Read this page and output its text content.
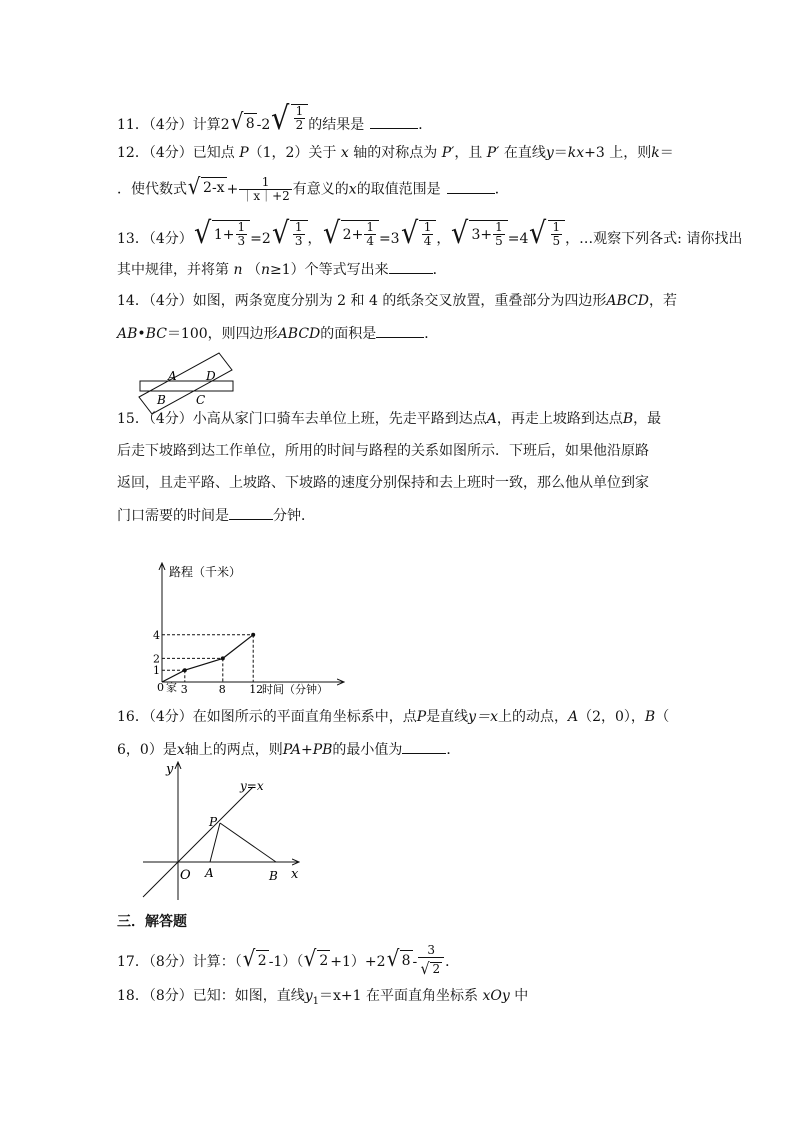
11．（4分）计算2 √ 8 -2 √ $\frac{1}{2}$ 的结果是	．
12．（4分）已知点 P（1，2）关于 x 轴的对称点为 P′，且 P′ 在直线y＝kx+3 上，则k＝
．使代数式 √ $2-x + \frac{1}{|x|+2}$ 有意义的x的取值范围是	．
13．（4分） √ $1+ \frac{1}{3} =2$ √ $\frac{1}{3}$ ， √ $2+ \frac{1}{4} =3$ √ $\frac{1}{4}$ ， √ $3+ \frac{1}{5} =4$ √ $\frac{1}{5}$ ，…观察下列各式: 请你找出
其中规律，并将第 n （n≥1）个等式写出来	．
14．（4分）如图，两条宽度分别为 2 和 4 的纸条交叉放置，重叠部分为四边形ABCD，若
AB•BC＝100，则四边形ABCD的面积是	．
A D
B	C
15．（4分）小高从家门口骑车去单位上班，先走平路到达点A，再走上坡路到达点B，最
后走下坡路到达工作单位，所用的时间与路程的关系如图所示．下班后，如果他沿原路
返回，且走平路、上坡路、下坡路的速度分别保持和去上班时一致，那么他从单位到家
门口需要的时间是	分钟．
路程（千米）
时间（分钟）
0 家
1
2
4
3	8 12
16．（4分）在如图所示的平面直角坐标系中，点P是直线y＝x上的动点，A（2，0），B（
6，0）是x轴上的两点，则PA+PB的最小值为	．
y
x
O A	B
P
y=x
三．解答题
17．（8分）计算：（ √ 2 -1）（ √ 2 +1）+2 √ $8 - \frac{3}{√ 2}$ ．
18．（8分）已知：如图，直线$y_1=x+1$ 在平面直角坐标系 xOy 中
